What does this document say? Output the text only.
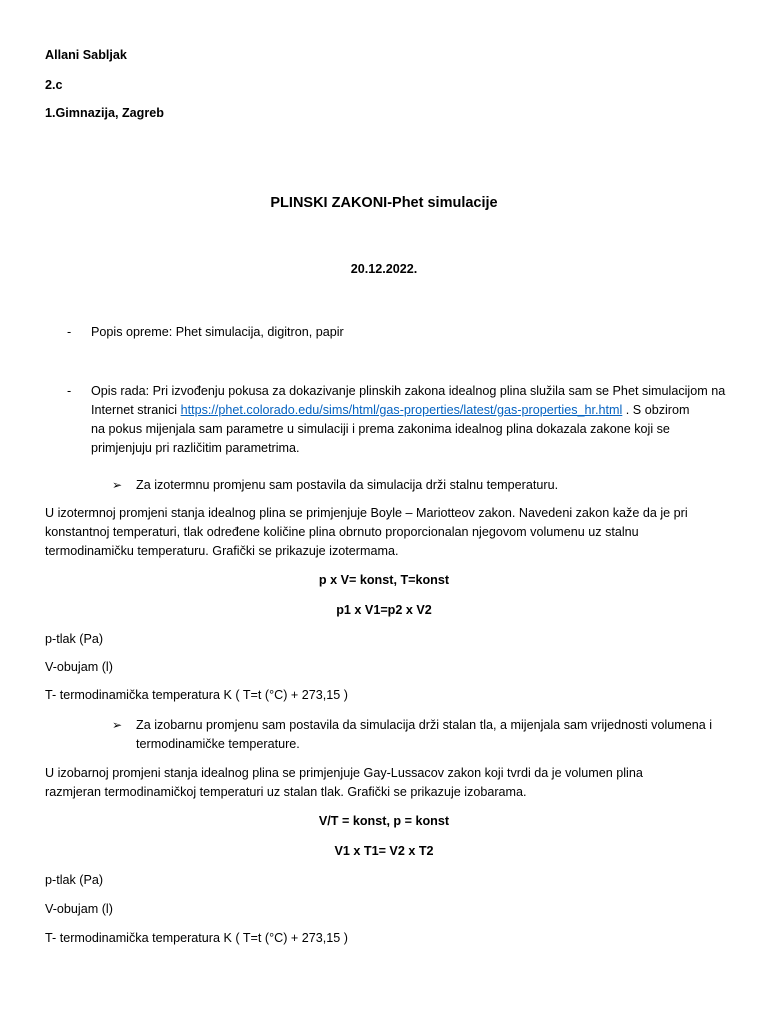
Allani Sabljak
2.c
1.Gimnazija, Zagreb
PLINSKI ZAKONI-Phet simulacije
20.12.2022.
- Popis opreme: Phet simulacija, digitron, papir
- Opis rada: Pri izvođenju pokusa za dokazivanje plinskih zakona idealnog plina služila sam se Phet simulacijom na
Internet stranici https://phet.colorado.edu/sims/html/gas-properties/latest/gas-properties_hr.html . S obzirom
na pokus mijenjala sam parametre u simulaciji i prema zakonima idealnog plina dokazala zakone koji se
primjenjuju pri različitim parametrima.
➢ Za izotermnu promjenu sam postavila da simulacija drži stalnu temperaturu.
U izotermnoj promjeni stanja idealnog plina se primjenjuje Boyle – Mariotteov zakon. Navedeni zakon kaže da je pri
konstantnoj temperaturi, tlak određene količine plina obrnuto proporcionalan njegovom volumenu uz stalnu
termodinamičku temperaturu. Grafički se prikazuje izotermama.
p x V= konst, T=konst
p1 x V1=p2 x V2
p-tlak (Pa)
V-obujam (l)
T- termodinamička temperatura K ( T=t (°C) + 273,15 )
➢ Za izobarnu promjenu sam postavila da simulacija drži stalan tla, a mijenjala sam vrijednosti volumena i
termodinamičke temperature.
U izobarnoj promjeni stanja idealnog plina se primjenjuje Gay-Lussacov zakon koji tvrdi da je volumen plina
razmjeran termodinamičkoj temperaturi uz stalan tlak. Grafički se prikazuje izobarama.
V/T = konst, p = konst
V1 x T1= V2 x T2
p-tlak (Pa)
V-obujam (l)
T- termodinamička temperatura K ( T=t (°C) + 273,15 )
